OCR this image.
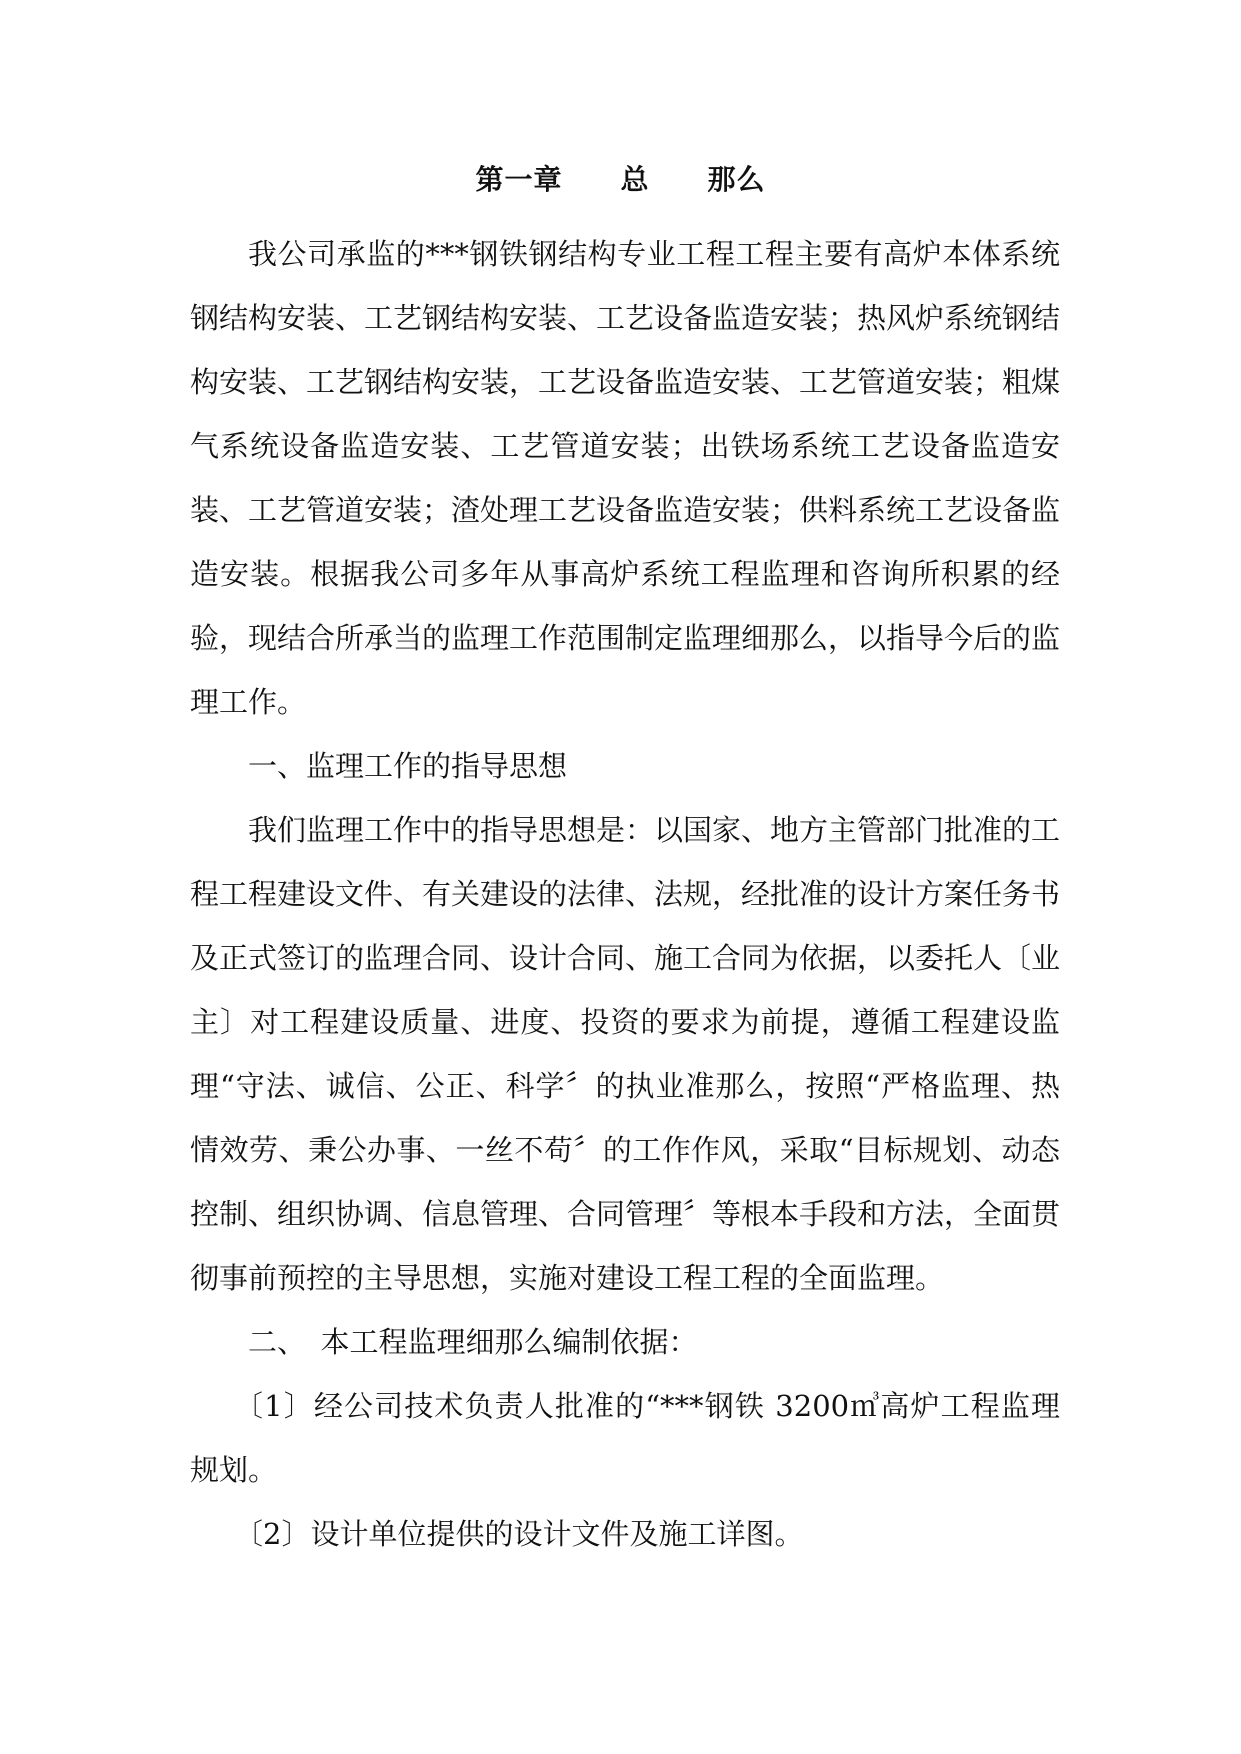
第一章　　总　　那么

我公司承监的***钢铁钢结构专业工程工程主要有高炉本体系统钢结构安装、工艺钢结构安装、工艺设备监造安装；热风炉系统钢结构安装、工艺钢结构安装，工艺设备监造安装、工艺管道安装；粗煤气系统设备监造安装、工艺管道安装；出铁场系统工艺设备监造安装、工艺管道安装；渣处理工艺设备监造安装；供料系统工艺设备监造安装。根据我公司多年从事高炉系统工程监理和咨询所积累的经验，现结合所承当的监理工作范围制定监理细那么，以指导今后的监理工作。

一、监理工作的指导思想

我们监理工作中的指导思想是：以国家、地方主管部门批准的工程工程建设文件、有关建设的法律、法规，经批准的设计方案任务书及正式签订的监理合同、设计合同、施工合同为依据，以委托人〔业主〕对工程建设质量、进度、投资的要求为前提，遵循工程建设监理“守法、诚信、公正、科学〞的执业准那么，按照“严格监理、热情效劳、秉公办事、一丝不苟〞的工作作风，采取“目标规划、动态控制、组织协调、信息管理、合同管理〞等根本手段和方法，全面贯彻事前预控的主导思想，实施对建设工程工程的全面监理。

二、　本工程监理细那么编制依据：

〔1〕经公司技术负责人批准的“***钢铁 3200㎥高炉工程监理规划。

〔2〕设计单位提供的设计文件及施工详图。
